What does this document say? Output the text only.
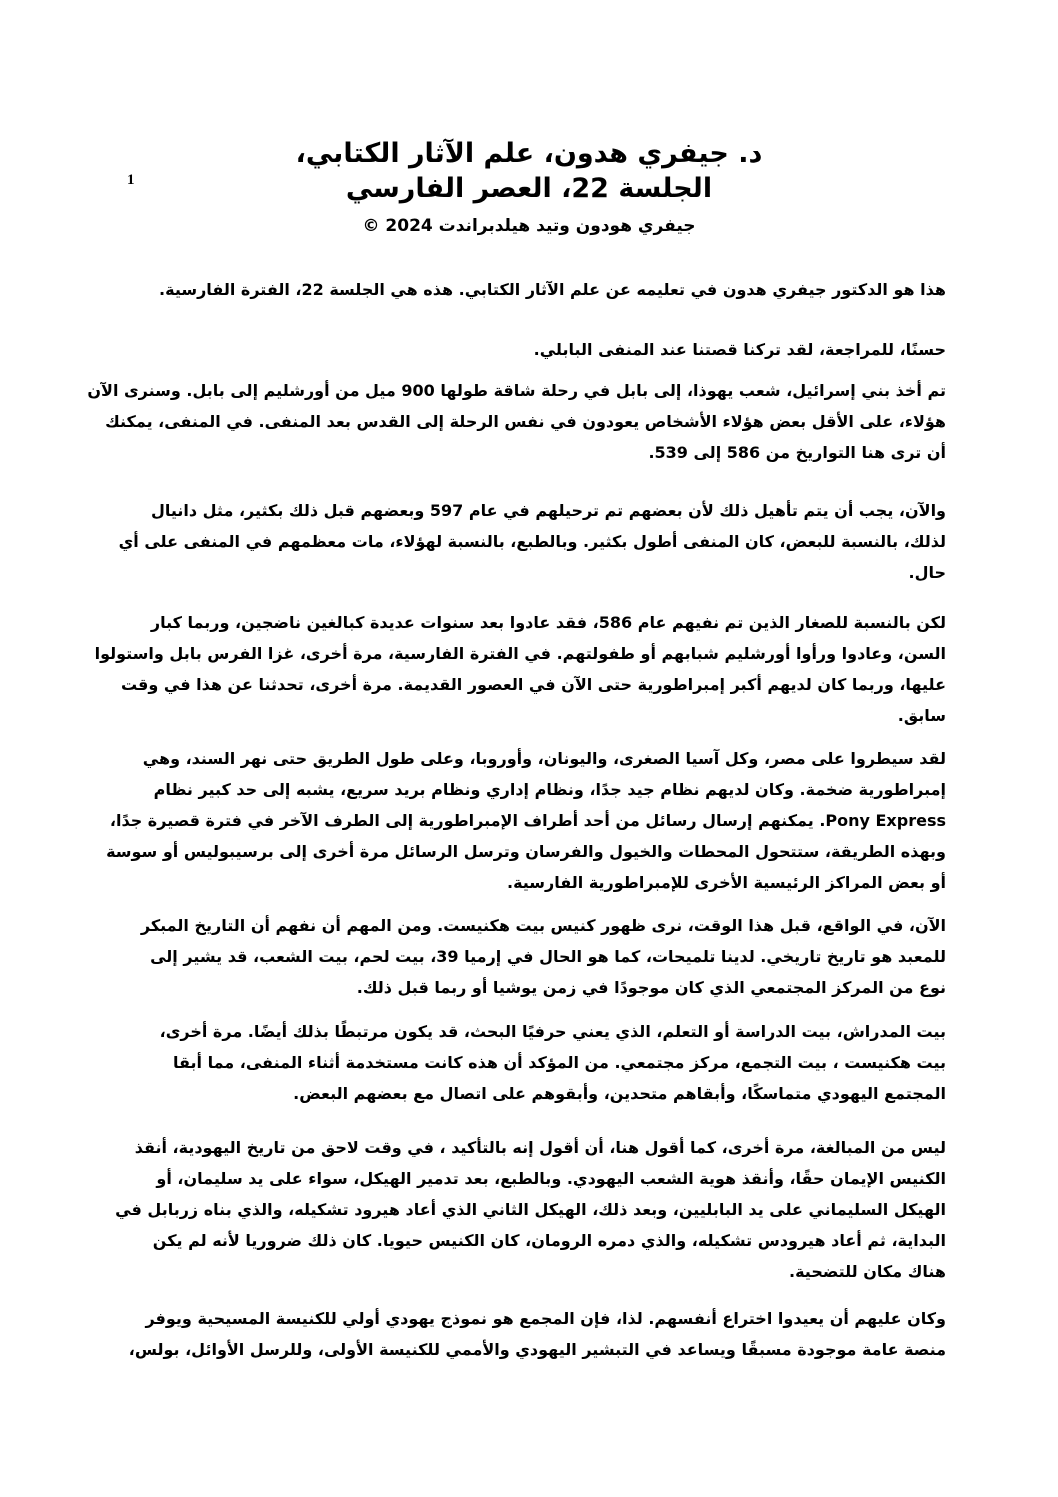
1
د. جيفري هدون، علم الآثار الكتابي،
الجلسة 22، العصر الفارسي
جيفري هودون وتيد هيلدبراندت 2024 ©
هذا هو الدكتور جيفري هدون في تعليمه عن علم الآثار الكتابي. هذه هي الجلسة 22، الفترة الفارسية.
حسنًا، للمراجعة، لقد تركنا قصتنا عند المنفى البابلي.
تم أخذ بني إسرائيل، شعب يهوذا، إلى بابل في رحلة شاقة طولها 900 ميل من أورشليم إلى بابل. وسنرى الآن
هؤلاء، على الأقل بعض هؤلاء الأشخاص يعودون في نفس الرحلة إلى القدس بعد المنفى. في المنفى، يمكنك
أن ترى هنا التواريخ من 586 إلى 539.
والآن، يجب أن يتم تأهيل ذلك لأن بعضهم تم ترحيلهم في عام 597 وبعضهم قبل ذلك بكثير، مثل دانيال
لذلك، بالنسبة للبعض، كان المنفى أطول بكثير. وبالطبع، بالنسبة لهؤلاء، مات معظمهم في المنفى على أي
حال.
لكن بالنسبة للصغار الذين تم نفيهم عام 586، فقد عادوا بعد سنوات عديدة كبالغين ناضجين، وربما كبار
السن، وعادوا ورأوا أورشليم شبابهم أو طفولتهم. في الفترة الفارسية، مرة أخرى، غزا الفرس بابل واستولوا
عليها، وربما كان لديهم أكبر إمبراطورية حتى الآن في العصور القديمة. مرة أخرى، تحدثنا عن هذا في وقت
سابق.
لقد سيطروا على مصر، وكل آسيا الصغرى، واليونان، وأوروبا، وعلى طول الطريق حتى نهر السند، وهي
إمبراطورية ضخمة. وكان لديهم نظام جيد جدًا، ونظام إداري ونظام بريد سريع، يشبه إلى حد كبير نظام
Pony Express. يمكنهم إرسال رسائل من أحد أطراف الإمبراطورية إلى الطرف الآخر في فترة قصيرة جدًا،
وبهذه الطريقة، ستتحول المحطات والخيول والفرسان وترسل الرسائل مرة أخرى إلى برسيبوليس أو سوسة
أو بعض المراكز الرئيسية الأخرى للإمبراطورية الفارسية.
الآن، في الواقع، قبل هذا الوقت، نرى ظهور كنيس بيت هكنيست. ومن المهم أن نفهم أن التاريخ المبكر
للمعبد هو تاريخ تاريخي. لدينا تلميحات، كما هو الحال في إرميا 39، بيت لحم، بيت الشعب، قد يشير إلى
نوع من المركز المجتمعي الذي كان موجودًا في زمن يوشيا أو ربما قبل ذلك.
بيت المدراش، بيت الدراسة أو التعلم، الذي يعني حرفيًا البحث، قد يكون مرتبطًا بذلك أيضًا. مرة أخرى،
بيت هكنيست ، بيت التجمع، مركز مجتمعي. من المؤكد أن هذه كانت مستخدمة أثناء المنفى، مما أبقا
المجتمع اليهودي متماسكًا، وأبقاهم متحدين، وأبقوهم على اتصال مع بعضهم البعض.
ليس من المبالغة، مرة أخرى، كما أقول هنا، أن أقول إنه بالتأكيد ، في وقت لاحق من تاريخ اليهودية، أنقذ
الكنيس الإيمان حقًا، وأنقذ هوية الشعب اليهودي. وبالطبع، بعد تدمير الهيكل، سواء على يد سليمان، أو
الهيكل السليماني على يد البابليين، وبعد ذلك، الهيكل الثاني الذي أعاد هيرود تشكيله، والذي بناه زربابل في
البداية، ثم أعاد هيرودس تشكيله، والذي دمره الرومان، كان الكنيس حيويا. كان ذلك ضروريا لأنه لم يكن
هناك مكان للتضحية.
وكان عليهم أن يعيدوا اختراع أنفسهم. لذا، فإن المجمع هو نموذج يهودي أولي للكنيسة المسيحية ويوفر
منصة عامة موجودة مسبقًا ويساعد في التبشير اليهودي والأممي للكنيسة الأولى، وللرسل الأوائل، بولس،
